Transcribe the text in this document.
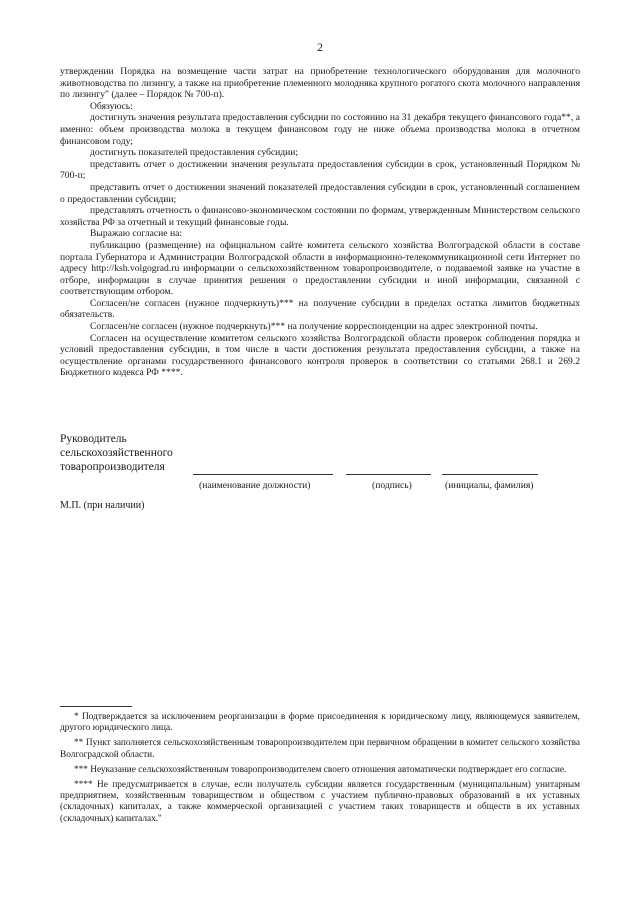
2

утверждении Порядка на возмещение части затрат на приобретение технологического оборудования для молочного животноводства по лизингу, а также на приобретение племенного молодняка крупного рогатого скота молочного направления по лизингу" (далее – Порядок № 700-п).

Обязуюсь:

достигнуть значения результата предоставления субсидии по состоянию на 31 декабря текущего финансового года**, а именно: объем производства молока в текущем финансовом году не ниже объема производства молока в отчетном финансовом году;

достигнуть показателей предоставления субсидии;

представить отчет о достижении значения результата предоставления субсидии в срок, установленный Порядком № 700-п;

представить отчет о достижении значений показателей предоставления субсидии в срок, установленный соглашением о предоставлении субсидии;

представлять отчетность о финансово-экономическом состоянии по формам, утвержденным Министерством сельского хозяйства РФ за отчетный и текущий финансовые годы.

Выражаю согласие на:

публикацию (размещение) на официальном сайте комитета сельского хозяйства Волгоградской области в составе портала Губернатора и Администрации Волгоградской области в информационно-телекоммуникационной сети Интернет по адресу http://ksh.volgograd.ru информации о сельскохозяйственном товаропроизводителе, о подаваемой заявке на участие в отборе, информации в случае принятия решения о предоставлении субсидии и иной информации, связанной с соответствующим отбором.

Согласен/не согласен (нужное подчеркнуть)*** на получение субсидии в пределах остатка лимитов бюджетных обязательств.

Согласен/не согласен (нужное подчеркнуть)*** на получение корреспонденции на адрес электронной почты.

Согласен на осуществление комитетом сельского хозяйства Волгоградской области проверок соблюдения порядка и условий предоставления субсидии, в том числе в части достижения результата предоставления субсидии, а также на осуществление органами государственного финансового контроля проверок в соответствии со статьями 268.1 и 269.2 Бюджетного кодекса РФ ****.

Руководитель
сельскохозяйственного
товаропроизводителя
(наименование должности)	(подпись)	(инициалы, фамилия)
М.П. (при наличии)

* Подтверждается за исключением реорганизации в форме присоединения к юридическому лицу, являющемуся заявителем, другого юридического лица.

** Пункт заполняется сельскохозяйственным товаропроизводителем при первичном обращении в комитет сельского хозяйства Волгоградской области.

*** Неуказание сельскохозяйственным товаропроизводителем своего отношения автоматически подтверждает его согласие.

**** Не предусматривается в случае, если получатель субсидии является государственным (муниципальным) унитарным предприятием, хозяйственным товариществом и обществом с участием публично-правовых образований в их уставных (складочных) капиталах, а также коммерческой организацией с участием таких товариществ и обществ в их уставных (складочных) капиталах."
